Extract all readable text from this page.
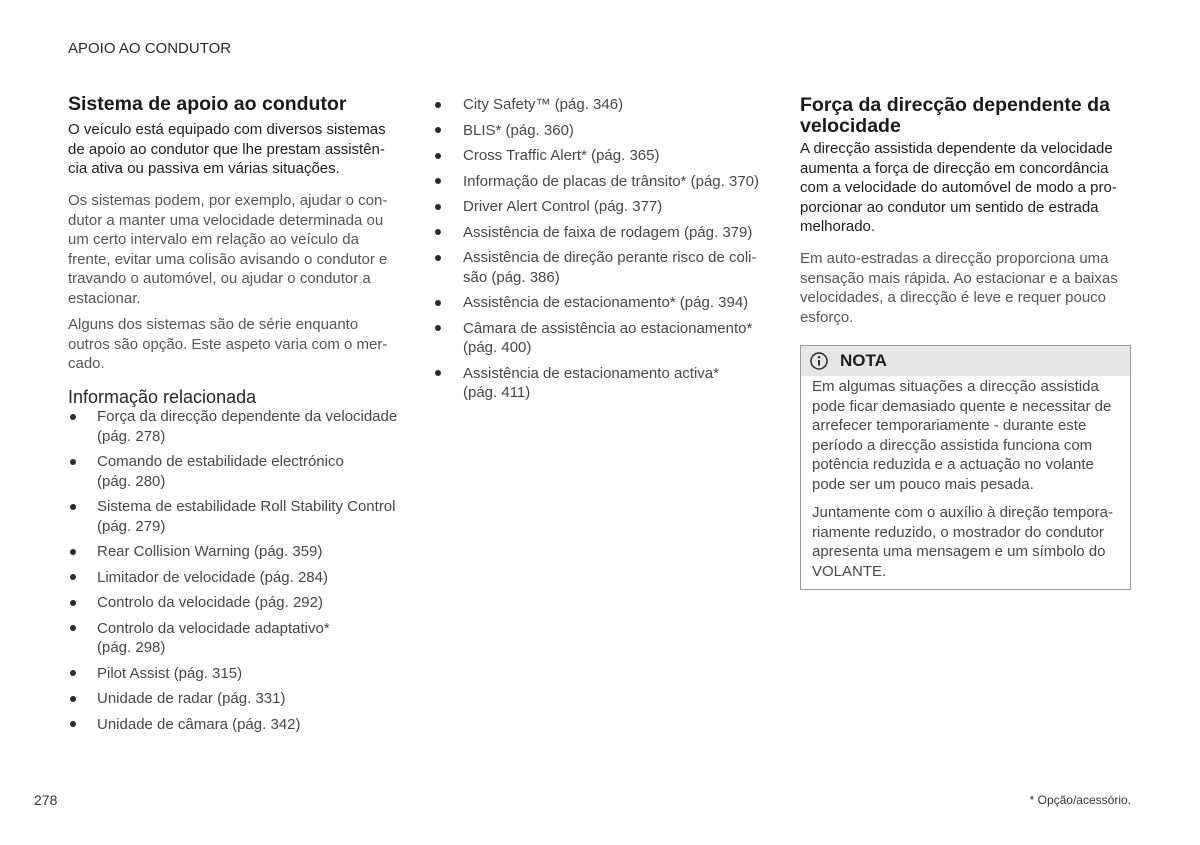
APOIO AO CONDUTOR
Sistema de apoio ao condutor
O veículo está equipado com diversos sistemas
de apoio ao condutor que lhe prestam assistên-
cia ativa ou passiva em várias situações.
Os sistemas podem, por exemplo, ajudar o con-
dutor a manter uma velocidade determinada ou
um certo intervalo em relação ao veículo da
frente, evitar uma colisão avisando o condutor e
travando o automóvel, ou ajudar o condutor a
estacionar.
Alguns dos sistemas são de série enquanto
outros são opção. Este aspeto varia com o mer-
cado.
Informação relacionada
Força da direcção dependente da velocidade
(pág. 278)
Comando de estabilidade electrónico
(pág. 280)
Sistema de estabilidade Roll Stability Control
(pág. 279)
Rear Collision Warning (pág. 359)
Limitador de velocidade (pág. 284)
Controlo da velocidade (pág. 292)
Controlo da velocidade adaptativo*
(pág. 298)
Pilot Assist (pág. 315)
Unidade de radar (pág. 331)
Unidade de câmara (pág. 342)
City Safety™ (pág. 346)
BLIS* (pág. 360)
Cross Traffic Alert* (pág. 365)
Informação de placas de trânsito* (pág. 370)
Driver Alert Control (pág. 377)
Assistência de faixa de rodagem (pág. 379)
Assistência de direção perante risco de coli-
são (pág. 386)
Assistência de estacionamento* (pág. 394)
Câmara de assistência ao estacionamento*
(pág. 400)
Assistência de estacionamento activa*
(pág. 411)
Força da direcção dependente da
velocidade
A direcção assistida dependente da velocidade
aumenta a força de direcção em concordância
com a velocidade do automóvel de modo a pro-
porcionar ao condutor um sentido de estrada
melhorado.
Em auto-estradas a direcção proporciona uma
sensação mais rápida. Ao estacionar e a baixas
velocidades, a direcção é leve e requer pouco
esforço.
NOTA
Em algumas situações a direcção assistida
pode ficar demasiado quente e necessitar de
arrefecer temporariamente - durante este
período a direcção assistida funciona com
potência reduzida e a actuação no volante
pode ser um pouco mais pesada.
Juntamente com o auxílio à direção tempora-
riamente reduzido, o mostrador do condutor
apresenta uma mensagem e um símbolo do
VOLANTE.
278	* Opção/acessório.
